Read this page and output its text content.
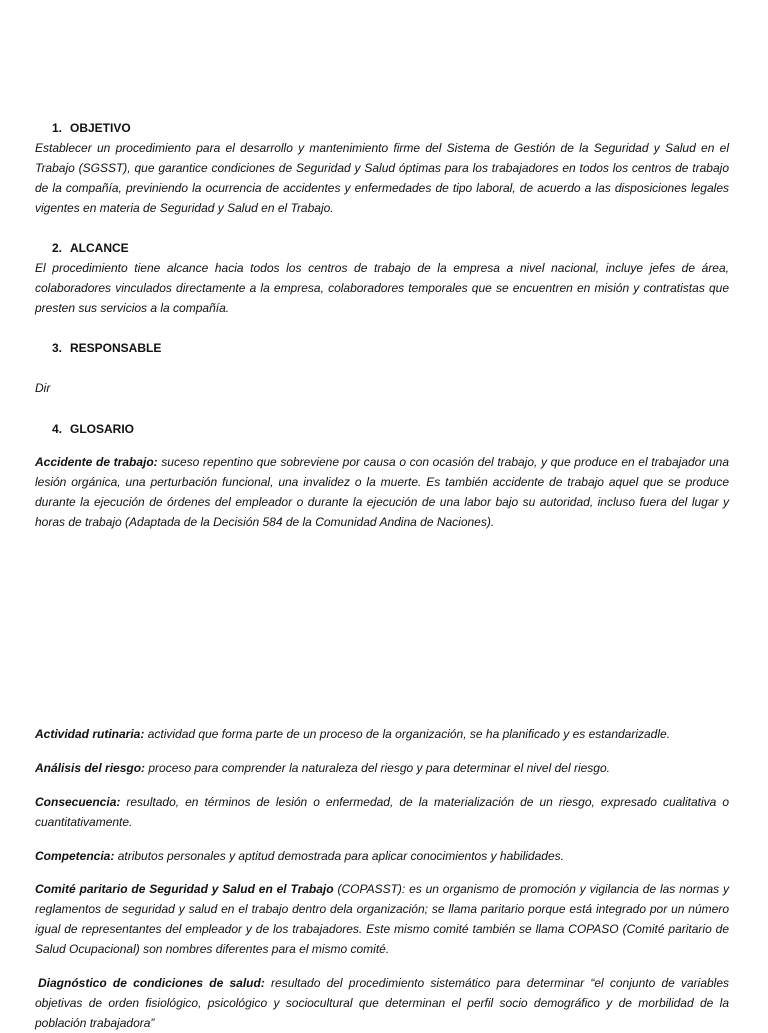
1. OBJETIVO

Establecer un procedimiento para el desarrollo y mantenimiento firme del Sistema de Gestión de la Seguridad y Salud en el Trabajo (SGSST), que garantice condiciones de Seguridad y Salud óptimas para los trabajadores en todos los centros de trabajo de la compañía, previniendo la ocurrencia de accidentes y enfermedades de tipo laboral, de acuerdo a las disposiciones legales vigentes en materia de Seguridad y Salud en el Trabajo.

2. ALCANCE

El procedimiento tiene alcance hacia todos los centros de trabajo de la empresa a nivel nacional, incluye jefes de área, colaboradores vinculados directamente a la empresa, colaboradores temporales que se encuentren en misión y contratistas que presten sus servicios a la compañía.

3. RESPONSABLE

Dir

4. GLOSARIO

Accidente de trabajo: suceso repentino que sobreviene por causa o con ocasión del trabajo, y que produce en el trabajador una lesión orgánica, una perturbación funcional, una invalidez o la muerte. Es también accidente de trabajo aquel que se produce durante la ejecución de órdenes del empleador o durante la ejecución de una labor bajo su autoridad, incluso fuera del lugar y horas de trabajo (Adaptada de la Decisión 584 de la Comunidad Andina de Naciones).

Actividad rutinaria: actividad que forma parte de un proceso de la organización, se ha planificado y es estandarizadle.

Análisis del riesgo: proceso para comprender la naturaleza del riesgo y para determinar el nivel del riesgo.

Consecuencia: resultado, en términos de lesión o enfermedad, de la materialización de un riesgo, expresado cualitativa o cuantitativamente.

Competencia: atributos personales y aptitud demostrada para aplicar conocimientos y habilidades.

Comité paritario de Seguridad y Salud en el Trabajo (COPASST): es un organismo de promoción y vigilancia de las normas y reglamentos de seguridad y salud en el trabajo dentro dela organización; se llama paritario porque está integrado por un número igual de representantes del empleador y de los trabajadores. Este mismo comité también se llama COPASO (Comité paritario de Salud Ocupacional) son nombres diferentes para el mismo comité.

Diagnóstico de condiciones de salud: resultado del procedimiento sistemático para determinar “el conjunto de variables objetivas de orden fisiológico, psicológico y sociocultural que determinan el perfil socio demográfico y de morbilidad de la población trabajadora”
